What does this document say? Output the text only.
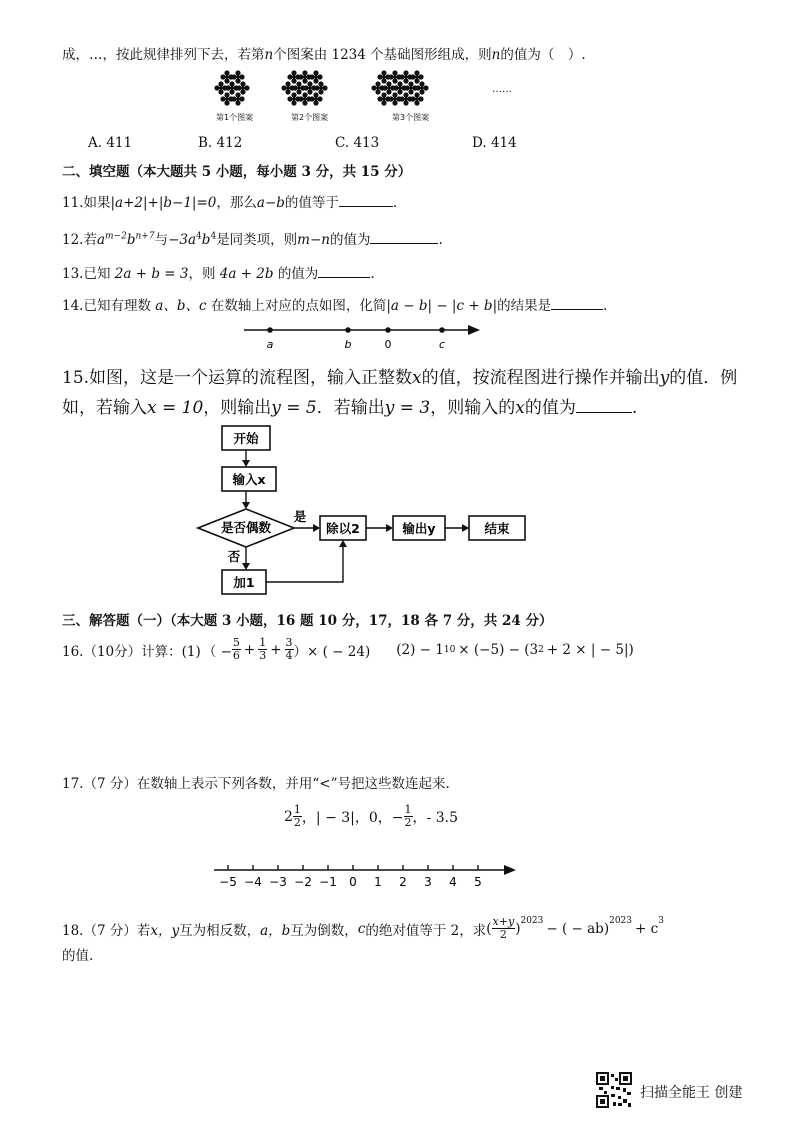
成，…，按此规律排列下去，若第n个图案由 1234 个基础图形组成，则n的值为（　）.
第1个图案	第2个图案	第3个图案
……
A. 411	B. 412	C. 413	D. 414
二、填空题（本大题共 5 小题，每小题 3 分，共 15 分）
11.如果|a+2|+|b−1|=0，那么a−b的值等于	.
12.若$a^{m-2}b^{n+7}$与$-3a^4b^4$是同类项，则m−n的值为	.
13.已知 2a + b = 3，则 4a + 2b 的值为	.
14.已知有理数 a、b、c 在数轴上对应的点如图，化简|a − b| − |c + b|的结果是	.
a	b	0	c
15.如图，这是一个运算的流程图，输入正整数x的值，按流程图进行操作并输出y的值．例
如，若输入x = 10，则输出y = 5．若输出y = 3，则输入的x的值为	.
开始
输入x
是否偶数
是
除以2	输出y	结束
否
加1
三、解答题（一）（本大题 3 小题，16 题 10 分，17，18 各 7 分，共 24 分）
16.（10分）计算：(1) （ − $\frac{5}{6} + \frac{1}{3} + \frac{3}{4}$ ）× ( − 24) (2) − 1 10 × (−5) − (3 2 + 2 × | − 5|)
17.（7 分）在数轴上表示下列各数，并用“<”号把这些数连起来.
$2 \frac{1}{2}$ ， | − 3|，0，− $\frac{1}{2}$ ，- 3.5
−5 −4 −3 −2 −1 0 1 2 3 4 5
18.（7 分）若 x，y 互为相反数， a，b 互为倒数， c 的绝对值等于 2，求 ( $\frac{x+y}{2}$ ) 2023 − ( − ab) 2023 + c 3
的值.
扫描全能王 创建
